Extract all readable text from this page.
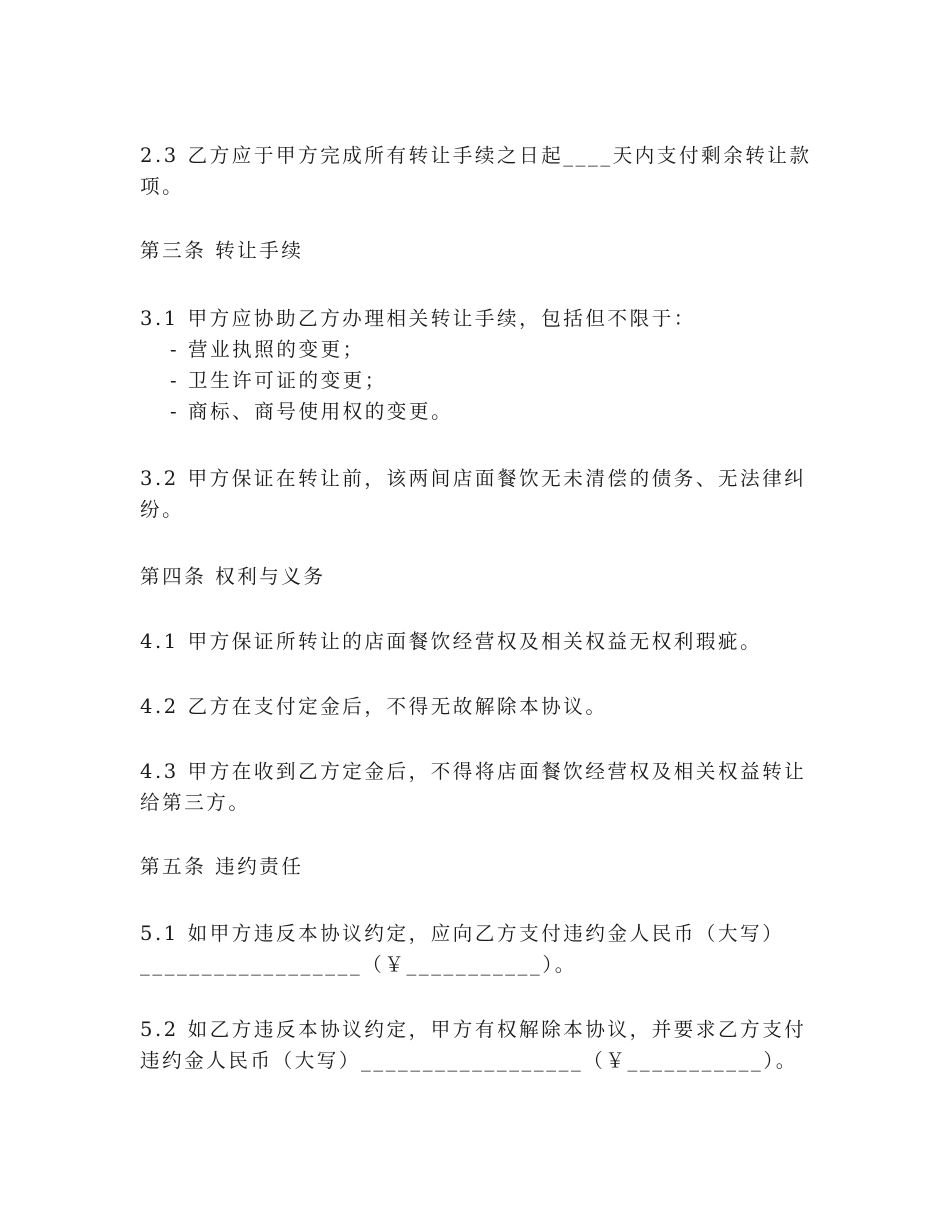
2.3 乙方应于甲方完成所有转让手续之日起____天内支付剩余转让款
项。
第三条 转让手续
3.1 甲方应协助乙方办理相关转让手续，包括但不限于：
- 营业执照的变更；
- 卫生许可证的变更；
- 商标、商号使用权的变更。
3.2 甲方保证在转让前，该两间店面餐饮无未清偿的债务、无法律纠
纷。
第四条 权利与义务
4.1 甲方保证所转让的店面餐饮经营权及相关权益无权利瑕疵。
4.2 乙方在支付定金后，不得无故解除本协议。
4.3 甲方在收到乙方定金后，不得将店面餐饮经营权及相关权益转让
给第三方。
第五条 违约责任
5.1 如甲方违反本协议约定，应向乙方支付违约金人民币（大写）
__________________（￥___________）。
5.2 如乙方违反本协议约定，甲方有权解除本协议，并要求乙方支付
违约金人民币（大写）__________________（￥___________）。
